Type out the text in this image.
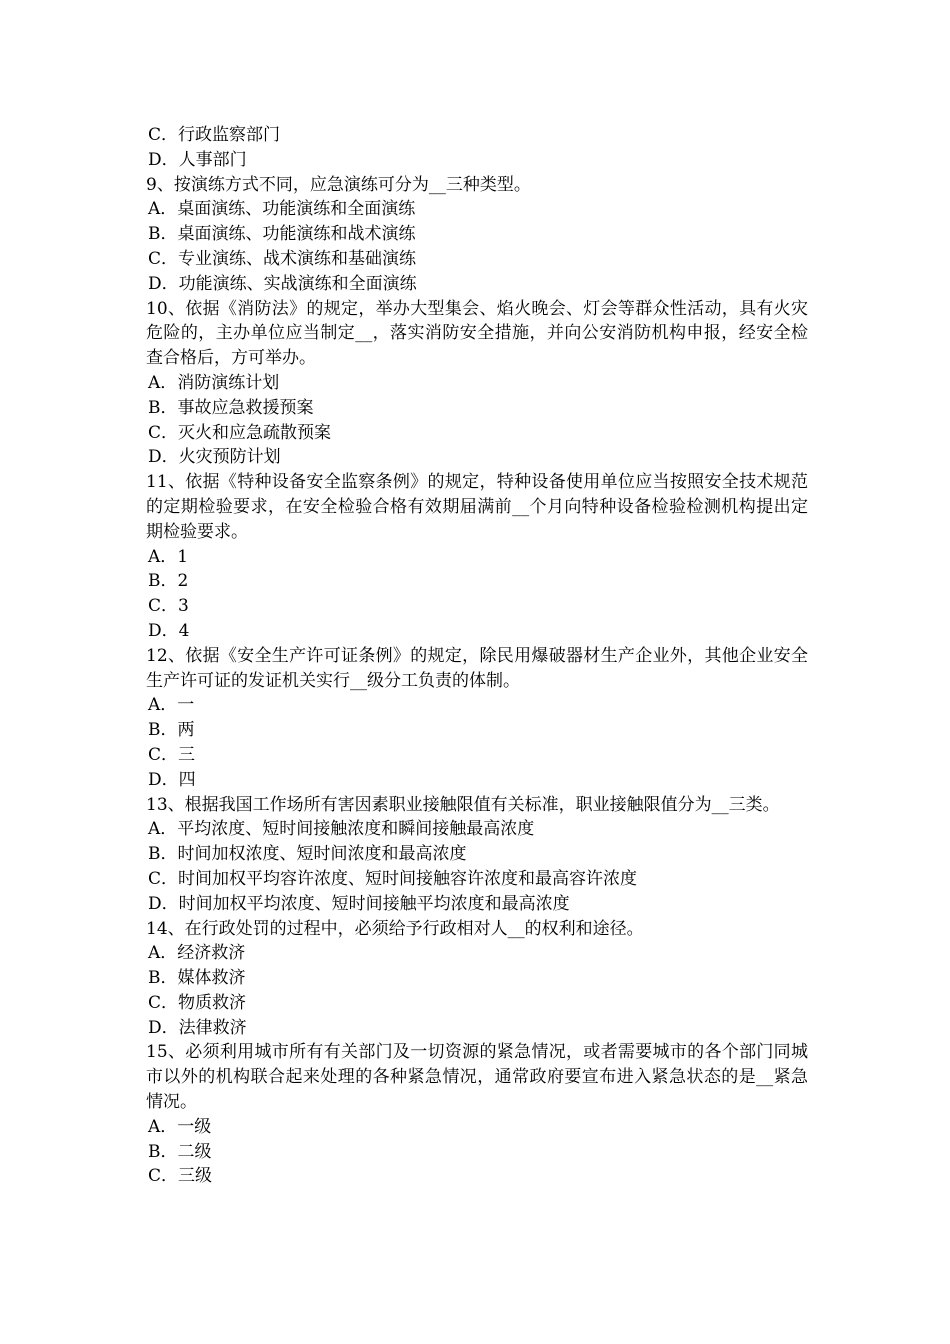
C．行政监察部门
D．人事部门
9、按演练方式不同，应急演练可分为__三种类型。
A．桌面演练、功能演练和全面演练
B．桌面演练、功能演练和战术演练
C．专业演练、战术演练和基础演练
D．功能演练、实战演练和全面演练
10、依据《消防法》的规定，举办大型集会、焰火晚会、灯会等群众性活动，具有火灾危险的，主办单位应当制定__，落实消防安全措施，并向公安消防机构申报，经安全检查合格后，方可举办。
A．消防演练计划
B．事故应急救援预案
C．灭火和应急疏散预案
D．火灾预防计划
11、依据《特种设备安全监察条例》的规定，特种设备使用单位应当按照安全技术规范的定期检验要求，在安全检验合格有效期届满前__个月向特种设备检验检测机构提出定期检验要求。
A．1
B．2
C．3
D．4
12、依据《安全生产许可证条例》的规定，除民用爆破器材生产企业外，其他企业安全生产许可证的发证机关实行__级分工负责的体制。
A．一
B．两
C．三
D．四
13、根据我国工作场所有害因素职业接触限值有关标准，职业接触限值分为__三类。
A．平均浓度、短时间接触浓度和瞬间接触最高浓度
B．时间加权浓度、短时间浓度和最高浓度
C．时间加权平均容许浓度、短时间接触容许浓度和最高容许浓度
D．时间加权平均浓度、短时间接触平均浓度和最高浓度
14、在行政处罚的过程中，必须给予行政相对人__的权利和途径。
A．经济救济
B．媒体救济
C．物质救济
D．法律救济
15、必须利用城市所有有关部门及一切资源的紧急情况，或者需要城市的各个部门同城市以外的机构联合起来处理的各种紧急情况，通常政府要宣布进入紧急状态的是__紧急情况。
A．一级
B．二级
C．三级
